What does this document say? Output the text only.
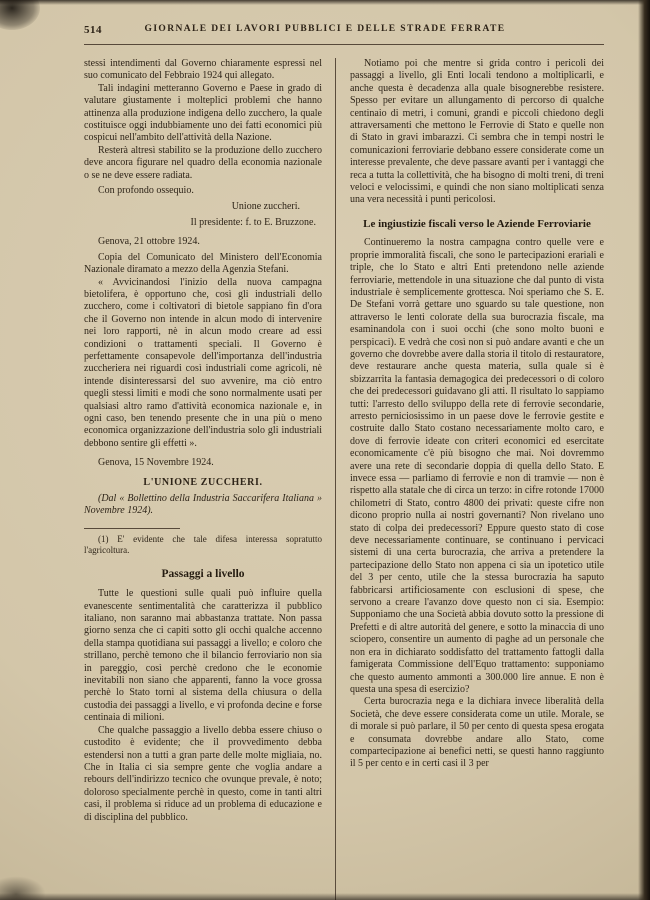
514	GIORNALE DEI LAVORI PUBBLICI E DELLE STRADE FERRATE

stessi intendimenti dal Governo chiaramente espressi nel suo comunicato del Febbraio 1924 qui allegato.

Tali indagini metteranno Governo e Paese in grado di valutare giustamente i molteplici problemi che hanno attinenza alla produzione indigena dello zucchero, la quale costituisce oggi indubbiamente uno dei fatti economici più cospicui nell'ambito dell'attività della Nazione.

Resterà altresì stabilito se la produzione dello zucchero deve ancora figurare nel quadro della economia nazionale o se ne deve essere radiata.

Con profondo ossequio.

Unione zuccheri.

Il presidente: f. to E. Bruzzone.

Genova, 21 ottobre 1924.

Copia del Comunicato del Ministero dell'Economia Nazionale diramato a mezzo della Agenzia Stefani.

« Avvicinandosi l'inizio della nuova campagna bietolifera, è opportuno che, così gli industriali dello zucchero, come i coltivatori di bietole sappiano fin d'ora che il Governo non intende in alcun modo di intervenire nei loro rapporti, nè in alcun modo creare ad essi condizioni o trattamenti speciali. Il Governo è perfettamente consapevole dell'importanza dell'industria zuccheriera nei riguardi così industriali come agricoli, nè intende disinteressarsi del suo avvenire, ma ciò entro quegli stessi limiti e modi che sono normalmente usati per qualsiasi altro ramo d'attività economica nazionale e, in ogni caso, ben tenendo presente che in una più o meno economica organizzazione dell'industria solo gli industriali debbono sentire gli effetti ».

Genova, 15 Novembre 1924.

L'UNIONE ZUCCHERI.

(Dal « Bollettino della Industria Saccarifera Italiana » Novembre 1924).

(1) E' evidente che tale difesa interessa sopratutto l'agricoltura.

Passaggi a livello

Tutte le questioni sulle quali può influire quella evanescente sentimentalità che caratterizza il pubblico italiano, non saranno mai abbastanza trattate. Non passa giorno senza che ci capiti sotto gli occhi qualche accenno della stampa quotidiana sui passaggi a livello; e coloro che strillano, perchè temono che il bilancio ferroviario non sia in pareggio, così perchè credono che le economie inevitabili non siano che apparenti, fanno la voce grossa perchè lo Stato torni al sistema della chiusura o della custodia dei passaggi a livello, e vi profonda decine e forse centinaia di milioni.

Che qualche passaggio a livello debba essere chiuso o custodito è evidente; che il provvedimento debba estendersi non a tutti a gran parte delle molte migliaia, no. Che in Italia ci sia sempre gente che voglia andare a rebours dell'indirizzo tecnico che ovunque prevale, è noto; doloroso specialmente perchè in questo, come in tanti altri casi, il problema si riduce ad un problema di educazione e di disciplina del pubblico.

Notiamo poi che mentre si grida contro i pericoli dei passaggi a livello, gli Enti locali tendono a moltiplicarli, e anche questa è decadenza alla quale bisognerebbe resistere. Spesso per evitare un allungamento di percorso di qualche centinaio di metri, i comuni, grandi e piccoli chiedono degli attraversamenti che mettono le Ferrovie di Stato e quelle non di Stato in gravi imbarazzi. Ci sembra che in tempi nostri le comunicazioni ferroviarie debbano essere considerate come un interesse prevalente, che deve passare avanti per i vantaggi che reca a tutta la collettività, che ha bisogno di molti treni, di treni veloci e velocissimi, e quindi che non siano moltiplicati senza una vera necessità i punti pericolosi.

Le ingiustizie fiscali verso le Aziende Ferroviarie

Continueremo la nostra campagna contro quelle vere e proprie immoralità fiscali, che sono le partecipazioni erariali e triple, che lo Stato e altri Enti pretendono nelle aziende ferroviarie, mettendole in una situazione che dal punto di vista industriale è semplicemente grottesca. Noi speriamo che S. E. De Stefani vorrà gettare uno sguardo su tale questione, non attraverso le lenti colorate della sua burocrazia fiscale, ma esaminandola con i suoi occhi (che sono molto buoni e perspicaci). E vedrà che così non si può andare avanti e che un governo che dovrebbe avere dalla storia il titolo di restauratore, deve restaurare anche questa materia, sulla quale si è sbizzarrita la fantasia demagogica dei predecessori o di coloro che dei predecessori guidavano gli atti. Il risultato lo sappiamo tutti: l'arresto dello sviluppo della rete di ferrovie secondarie, arresto perniciosissimo in un paese dove le ferrovie gestite e costruite dallo Stato costano necessariamente molto caro, e dove di ferrovie ideate con criteri economici ed esercitate economicamente c'è più bisogno che mai. Noi dovremmo avere una rete di secondarie doppia di quella dello Stato. E invece essa — parliamo di ferrovie e non di tramvie — non è rispetto alla statale che di circa un terzo: in cifre rotonde 17000 chilometri di Stato, contro 4800 dei privati: queste cifre non dicono proprio nulla ai nostri governanti? Non rivelano uno stato di colpa dei predecessori? Eppure questo stato di cose deve necessariamente continuare, se continuano i pervicaci sistemi di una certa burocrazia, che arriva a pretendere la partecipazione dello Stato non appena ci sia un ipotetico utile del 3 per cento, utile che la stessa burocrazia ha saputo fabbricarsi artificiosamente con esclusioni di spese, che servono a creare l'avanzo dove questo non ci sia. Esempio: Supponiamo che una Società abbia dovuto sotto la pressione di Prefetti e di altre autorità del genere, e sotto la minaccia di uno sciopero, consentire un aumento di paghe ad un personale che non era in dichiarato soddisfatto del trattamento fattogli dalla famigerata Commissione dell'Equo trattamento: supponiamo che questo aumento ammonti a 300.000 lire annue. E non è questa una spesa di esercizio?

Certa burocrazia nega e la dichiara invece liberalità della Società, che deve essere considerata come un utile. Morale, se di morale si può parlare, il 50 per cento di questa spesa erogata e consumata dovrebbe andare allo Stato, come compartecipazione ai benefici netti, se questi hanno raggiunto il 5 per cento e in certi casi il 3 per
